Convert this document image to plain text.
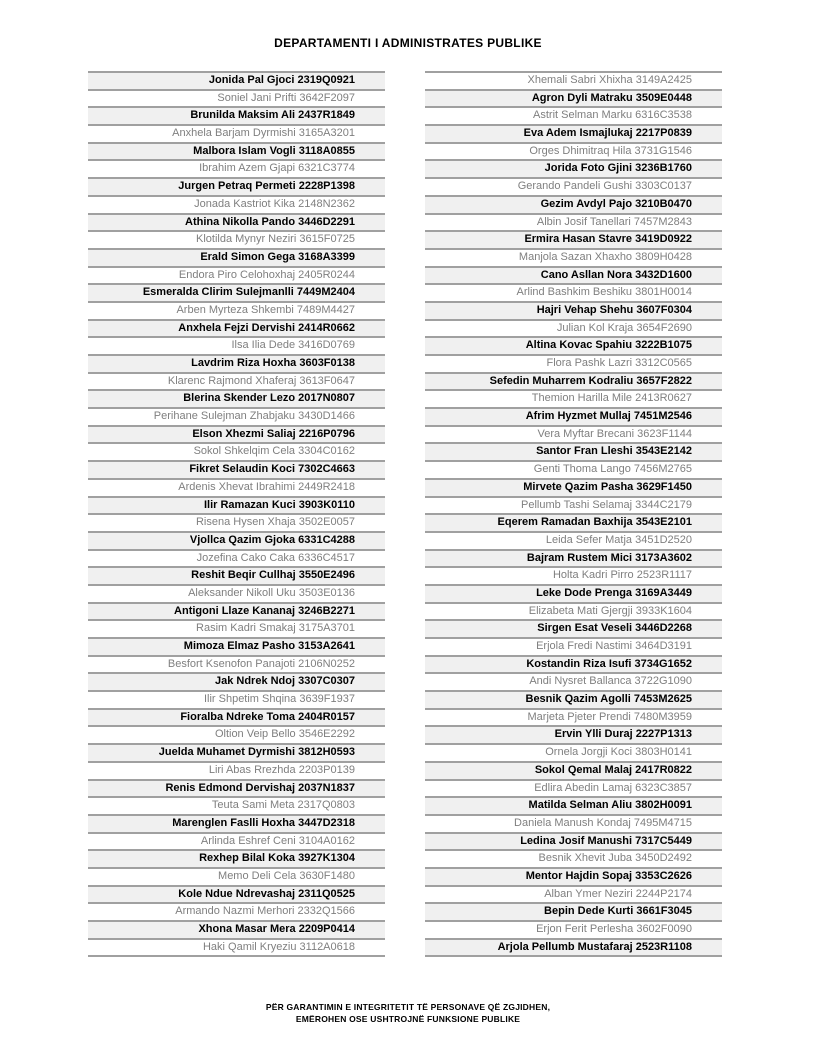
DEPARTAMENTI I ADMINISTRATES PUBLIKE
Jonida Pal Gjoci 2319Q0921
Soniel Jani Prifti 3642F2097
Brunilda Maksim Ali 2437R1849
Anxhela Barjam Dyrmishi 3165A3201
Malbora Islam Vogli 3118A0855
Ibrahim Azem Gjapi 6321C3774
Jurgen Petraq Permeti 2228P1398
Jonada Kastriot Kika 2148N2362
Athina Nikolla Pando 3446D2291
Klotilda Mynyr Neziri 3615F0725
Erald Simon Gega 3168A3399
Endora Piro Celohoxhaj 2405R0244
Esmeralda Clirim Sulejmanlli 7449M2404
Arben Myrteza Shkembi 7489M4427
Anxhela Fejzi Dervishi 2414R0662
Ilsa Ilia Dede 3416D0769
Lavdrim Riza Hoxha 3603F0138
Klarenc Rajmond Xhaferaj 3613F0647
Blerina Skender Lezo 2017N0807
Perihane Sulejman Zhabjaku 3430D1466
Elson Xhezmi Saliaj 2216P0796
Sokol Shkelqim Cela 3304C0162
Fikret Selaudin Koci 7302C4663
Ardenis Xhevat Ibrahimi 2449R2418
Ilir Ramazan Kuci 3903K0110
Risena Hysen Xhaja 3502E0057
Vjollca Qazim Gjoka 6331C4288
Jozefina Cako Caka 6336C4517
Reshit Beqir Cullhaj 3550E2496
Aleksander Nikoll Uku 3503E0136
Antigoni Llaze Kananaj 3246B2271
Rasim Kadri Smakaj 3175A3701
Mimoza Elmaz Pasho 3153A2641
Besfort Ksenofon Panajoti 2106N0252
Jak Ndrek Ndoj 3307C0307
Ilir Shpetim Shqina 3639F1937
Fioralba Ndreke Toma 2404R0157
Oltion Veip Bello 3546E2292
Juelda Muhamet Dyrmishi 3812H0593
Liri Abas Rrezhda 2203P0139
Renis Edmond Dervishaj 2037N1837
Teuta Sami Meta 2317Q0803
Marenglen Faslli Hoxha 3447D2318
Arlinda Eshref Ceni 3104A0162
Rexhep Bilal Koka 3927K1304
Memo Deli Cela 3630F1480
Kole Ndue Ndrevashaj 2311Q0525
Armando Nazmi Merhori 2332Q1566
Xhona Masar Mera 2209P0414
Haki Qamil Kryeziu 3112A0618
Xhemali Sabri Xhixha 3149A2425
Agron Dyli Matraku 3509E0448
Astrit Selman Marku 6316C3538
Eva Adem Ismajlukaj 2217P0839
Orges Dhimitraq Hila 3731G1546
Jorida Foto Gjini 3236B1760
Gerando Pandeli Gushi 3303C0137
Gezim Avdyl Pajo 3210B0470
Albin Josif Tanellari 7457M2843
Ermira Hasan Stavre 3419D0922
Manjola Sazan Xhaxho 3809H0428
Cano Asllan Nora 3432D1600
Arlind Bashkim Beshiku 3801H0014
Hajri Vehap Shehu 3607F0304
Julian Kol Kraja 3654F2690
Altina Kovac Spahiu 3222B1075
Flora Pashk Lazri 3312C0565
Sefedin Muharrem Kodraliu 3657F2822
Themion Harilla Mile 2413R0627
Afrim Hyzmet Mullaj 7451M2546
Vera Myftar Brecani 3623F1144
Santor Fran Lleshi 3543E2142
Genti Thoma Lango 7456M2765
Mirvete Qazim Pasha 3629F1450
Pellumb Tashi Selamaj 3344C2179
Eqerem Ramadan Baxhija 3543E2101
Leida Sefer Matja 3451D2520
Bajram Rustem Mici 3173A3602
Holta Kadri Pirro 2523R1117
Leke Dode Prenga 3169A3449
Elizabeta Mati Gjergji 3933K1604
Sirgen Esat Veseli 3446D2268
Erjola Fredi Nastimi 3464D3191
Kostandin Riza Isufi 3734G1652
Andi Nysret Ballanca 3722G1090
Besnik Qazim Agolli 7453M2625
Marjeta Pjeter Prendi 7480M3959
Ervin Ylli Duraj 2227P1313
Ornela Jorgji Koci 3803H0141
Sokol Qemal Malaj 2417R0822
Edlira Abedin Lamaj 6323C3857
Matilda Selman Aliu 3802H0091
Daniela Manush Kondaj 7495M4715
Ledina Josif Manushi 7317C5449
Besnik Xhevit Juba 3450D2492
Mentor Hajdin Sopaj 3353C2626
Alban Ymer Neziri 2244P2174
Bepin Dede Kurti 3661F3045
Erjon Ferit Perlesha 3602F0090
Arjola Pellumb Mustafaraj 2523R1108
PËR GARANTIMIN E INTEGRITETIT TË PERSONAVE QË ZGJIDHEN,
EMËROHEN OSE USHTROJNË FUNKSIONE PUBLIKE
